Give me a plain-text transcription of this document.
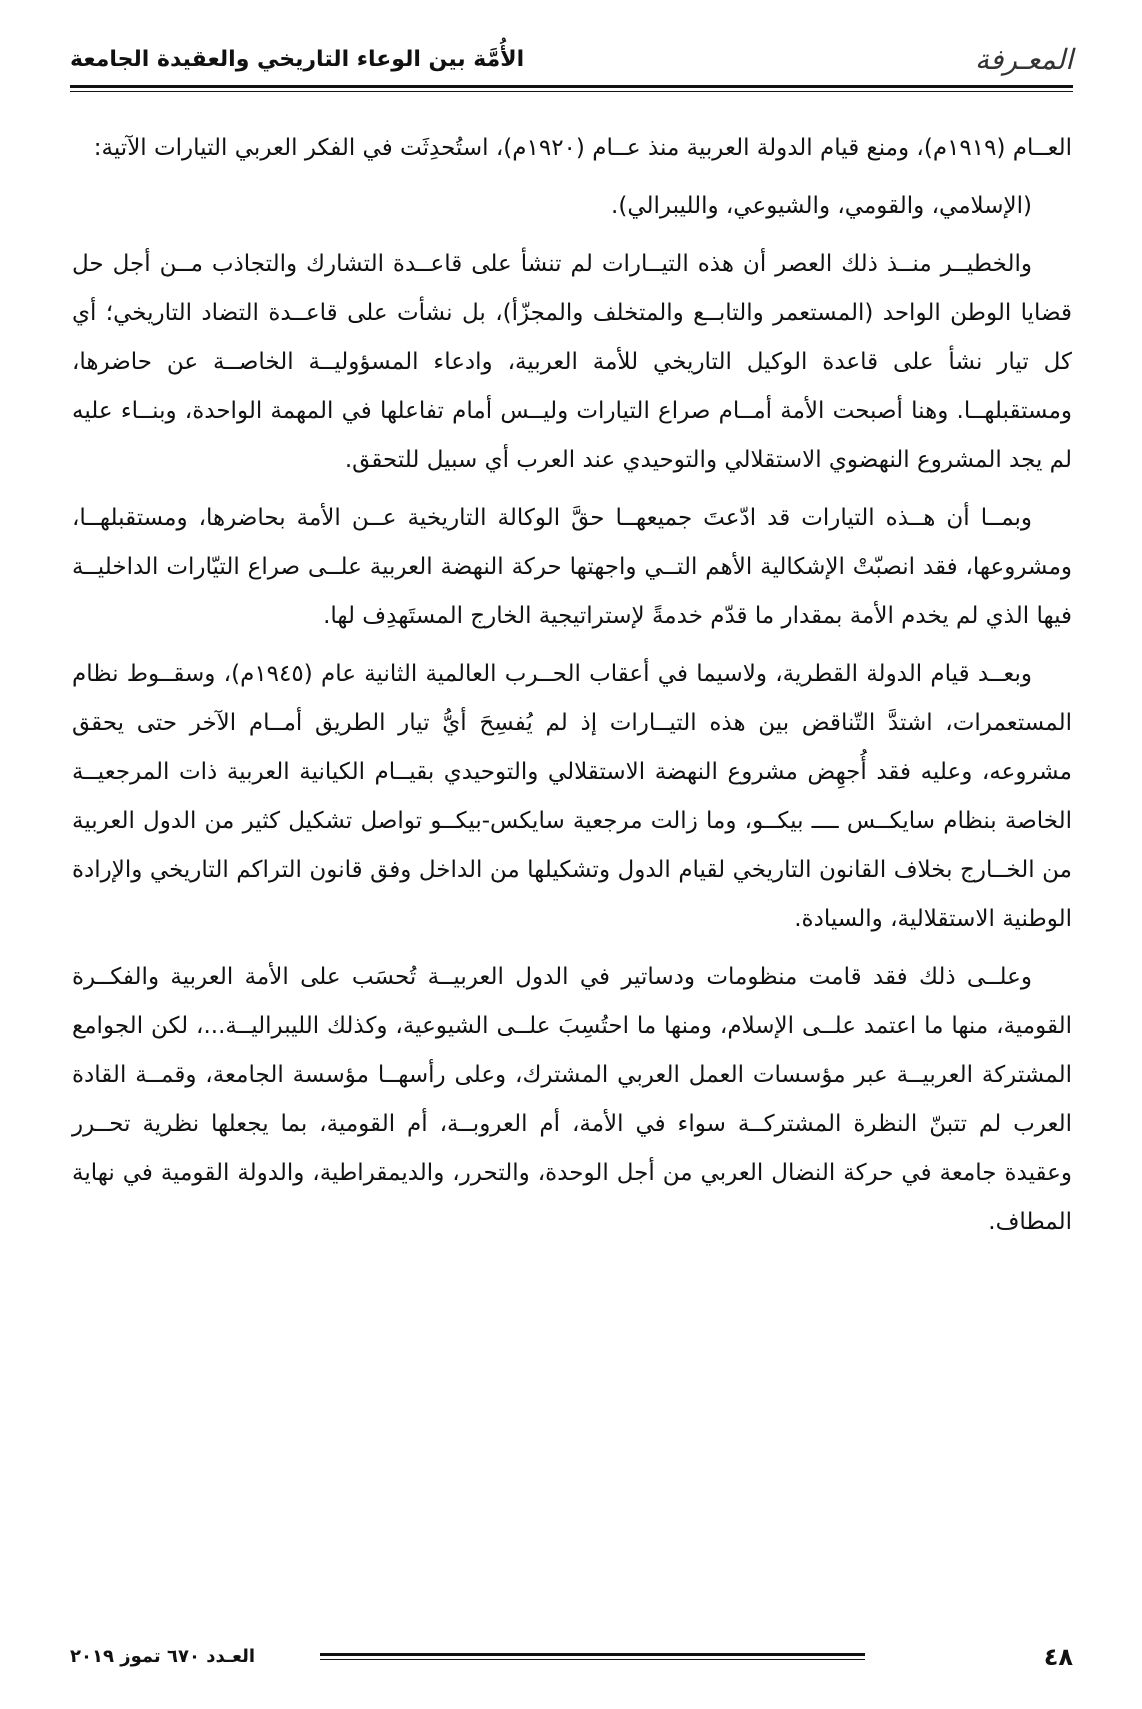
المعـرفة
الأُمَّة بين الوعاء التاريخي والعقيدة الجامعة

العــام (١٩١٩م)، ومنع قيام الدولة العربية منذ عــام (١٩٢٠م)، استُحدِثَت في الفكر العربي التيارات الآتية:

(الإسلامي، والقومي، والشيوعي، والليبرالي).

والخطيــر منــذ ذلك العصر أن هذه التيــارات لم تنشأ على قاعــدة التشارك والتجاذب مــن أجل حل قضايا الوطن الواحد (المستعمر والتابــع والمتخلف والمجزّأ)، بل نشأت على قاعــدة التضاد التاريخي؛ أي كل تيار نشأ على قاعدة الوكيل التاريخي للأمة العربية، وادعاء المسؤوليــة الخاصــة عن حاضرها، ومستقبلهــا. وهنا أصبحت الأمة أمــام صراع التيارات وليــس أمام تفاعلها في المهمة الواحدة، وبنــاء عليه لم يجد المشروع النهضوي الاستقلالي والتوحيدي عند العرب أي سبيل للتحقق.

وبمــا أن هــذه التيارات قد ادّعتَ جميعهــا حقَّ الوكالة التاريخية عــن الأمة بحاضرها، ومستقبلهــا، ومشروعها، فقد انصبّتْ الإشكالية الأهم التــي واجهتها حركة النهضة العربية علــى صراع التيّارات الداخليــة فيها الذي لم يخدم الأمة بمقدار ما قدّم خدمةً لإستراتيجية الخارج المستَهدِف لها.

وبعــد قيام الدولة القطرية، ولاسيما في أعقاب الحــرب العالمية الثانية عام (١٩٤٥م)، وسقــوط نظام المستعمرات، اشتدَّ التّناقض بين هذه التيــارات إذ لم يُفسِحَ أيُّ تيار الطريق أمــام الآخر حتى يحقق مشروعه، وعليه فقد أُجهِض مشروع النهضة الاستقلالي والتوحيدي بقيــام الكيانية العربية ذات المرجعيــة الخاصة بنظام سايكــس ــــ بيكــو، وما زالت مرجعية سايكس-بيكــو تواصل تشكيل كثير من الدول العربية من الخــارج بخلاف القانون التاريخي لقيام الدول وتشكيلها من الداخل وفق قانون التراكم التاريخي والإرادة الوطنية الاستقلالية، والسيادة.

وعلــى ذلك فقد قامت منظومات ودساتير في الدول العربيــة تُحسَب على الأمة العربية والفكــرة القومية، منها ما اعتمد علــى الإسلام، ومنها ما احتُسِبَ علــى الشيوعية، وكذلك الليبراليــة...، لكن الجوامع المشتركة العربيــة عبر مؤسسات العمل العربي المشترك، وعلى رأسهــا مؤسسة الجامعة، وقمــة القادة العرب لم تتبنّ النظرة المشتركــة سواء في الأمة، أم العروبــة، أم القومية، بما يجعلها نظرية تحــرر وعقيدة جامعة في حركة النضال العربي من أجل الوحدة، والتحرر، والديمقراطية، والدولة القومية في نهاية المطاف.

٤٨
العـدد ٦٧٠ تموز ٢٠١٩
